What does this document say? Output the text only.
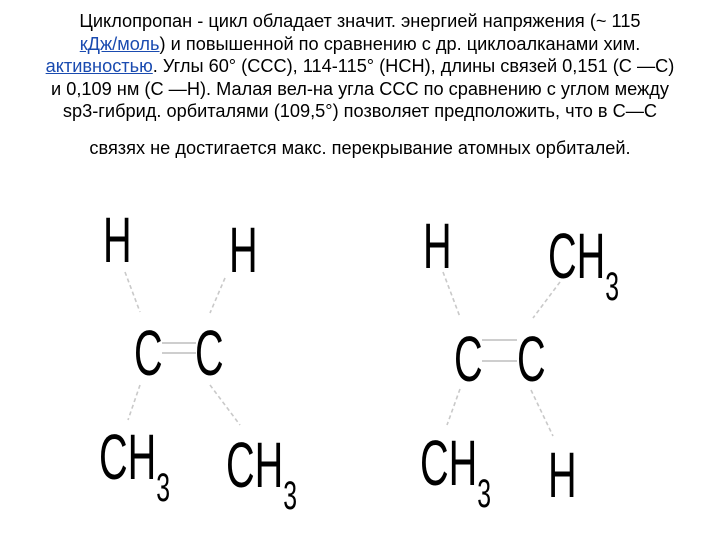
Циклопропан - цикл обладает значит. энергией напряжения (~ 115
кДж/моль) и повышенной по сравнению с др. циклоалканами хим.
активностью. Углы 60° (ССС), 114-115° (НСН), длины связей 0,151 (С —С)
и 0,109 нм (С —Н). Малая вел-на угла ССС по сравнению с углом между
sp3-гибрид. орбиталями (109,5°) позволяет предположить, что в С—С
связях не достигается макс. перекрывание атомных орбиталей.
H H
C C
$CH_3$ $CH_3$
H $CH_3$
C C
$CH_3$ H
